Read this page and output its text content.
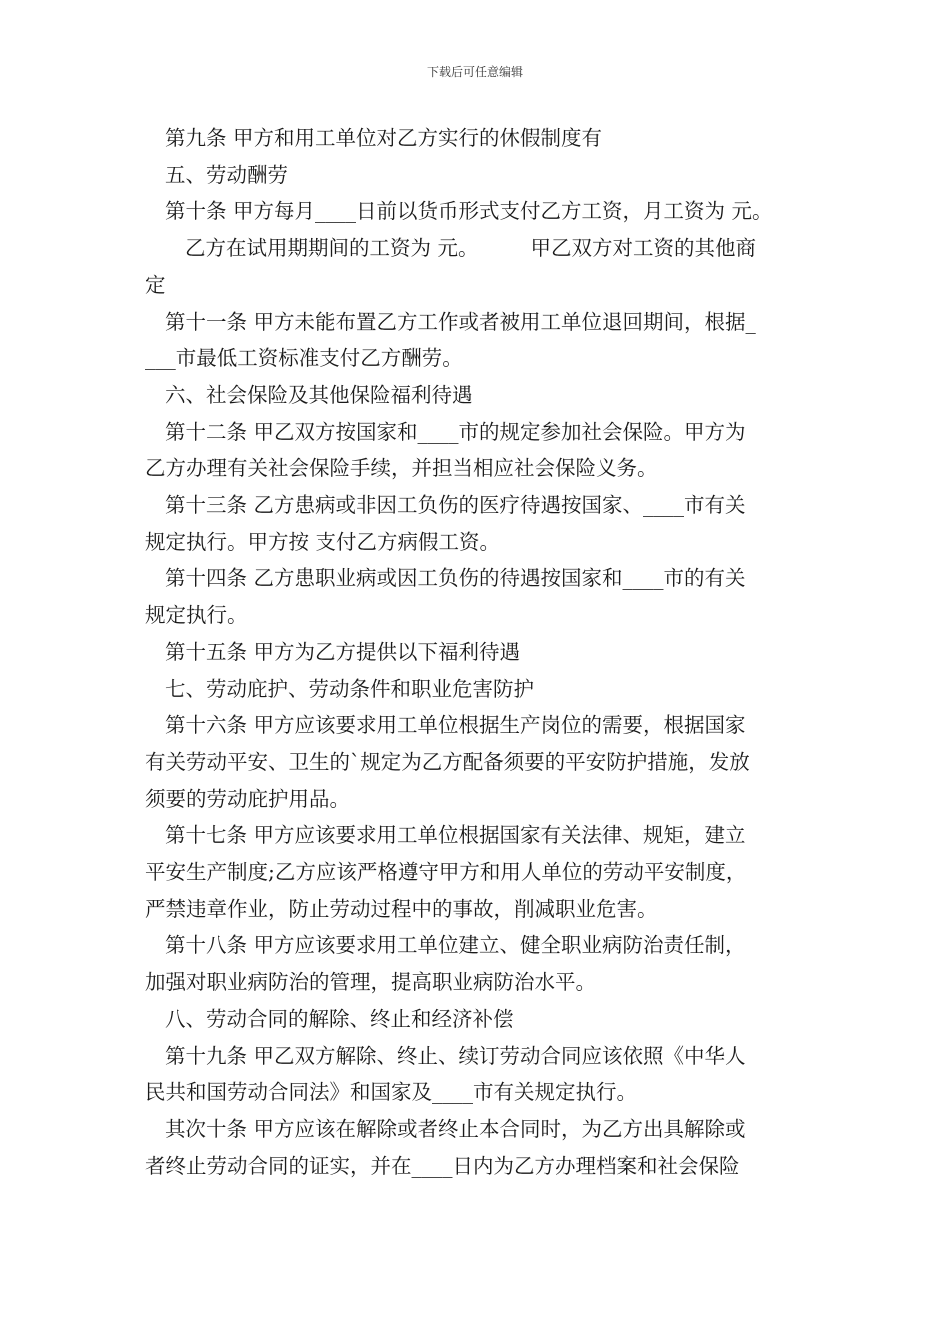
下载后可任意编辑

第九条 甲方和用工单位对乙方实行的休假制度有

五、劳动酬劳

第十条 甲方每月____日前以货币形式支付乙方工资，月工资为 元。

乙方在试用期期间的工资为 元。	甲乙双方对工资的其他商

定

第十一条 甲方未能布置乙方工作或者被用工单位退回期间，根据_

___市最低工资标准支付乙方酬劳。

六、社会保险及其他保险福利待遇

第十二条 甲乙双方按国家和____市的规定参加社会保险。甲方为

乙方办理有关社会保险手续，并担当相应社会保险义务。

第十三条 乙方患病或非因工负伤的医疗待遇按国家、____市有关

规定执行。甲方按 支付乙方病假工资。

第十四条 乙方患职业病或因工负伤的待遇按国家和____市的有关

规定执行。

第十五条 甲方为乙方提供以下福利待遇

七、劳动庇护、劳动条件和职业危害防护

第十六条 甲方应该要求用工单位根据生产岗位的需要，根据国家

有关劳动平安、卫生的`规定为乙方配备须要的平安防护措施，发放

须要的劳动庇护用品。

第十七条 甲方应该要求用工单位根据国家有关法律、规矩，建立

平安生产制度;乙方应该严格遵守甲方和用人单位的劳动平安制度，

严禁违章作业，防止劳动过程中的事故，削减职业危害。

第十八条 甲方应该要求用工单位建立、健全职业病防治责任制，

加强对职业病防治的管理，提高职业病防治水平。

八、劳动合同的解除、终止和经济补偿

第十九条 甲乙双方解除、终止、续订劳动合同应该依照《中华人

民共和国劳动合同法》和国家及____市有关规定执行。

其次十条 甲方应该在解除或者终止本合同时，为乙方出具解除或

者终止劳动合同的证实，并在____日内为乙方办理档案和社会保险
